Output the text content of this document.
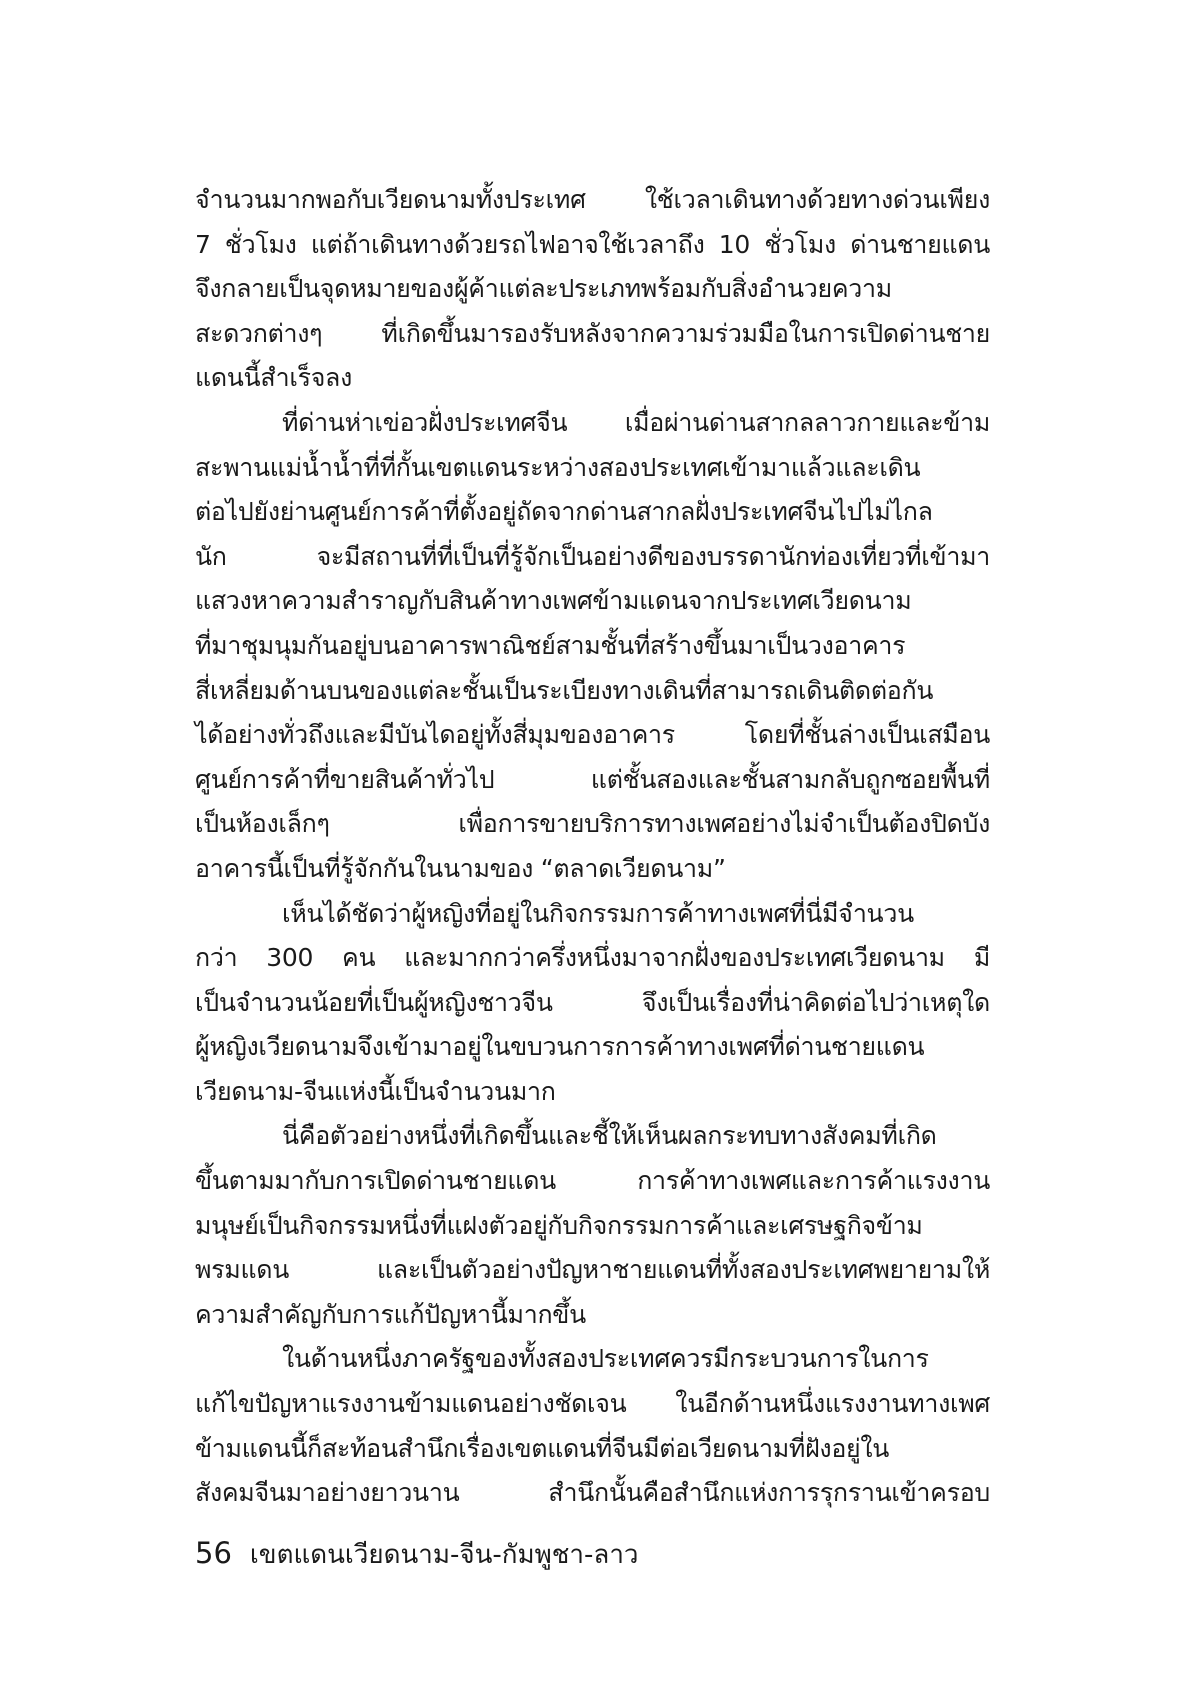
จำนวนมากพอกับเวียดนามทั้งประเทศ ใช้เวลาเดินทางด้วยทางด่วนเพียง
7 ชั่วโมง แต่ถ้าเดินทางด้วยรถไฟอาจใช้เวลาถึง 10 ชั่วโมง ด่านชายแดน
จึงกลายเป็นจุดหมายของผู้ค้าแต่ละประเภทพร้อมกับสิ่งอำนวยความ
สะดวกต่างๆ ที่เกิดขึ้นมารองรับหลังจากความร่วมมือในการเปิดด่านชาย
แดนนี้สำเร็จลง
ที่ด่านห่าเข่อวฝั่งประเทศจีน เมื่อผ่านด่านสากลลาวกายและข้าม
สะพานแม่น้ำน้ำที่ที่กั้นเขตแดนระหว่างสองประเทศเข้ามาแล้วและเดิน
ต่อไปยังย่านศูนย์การค้าที่ตั้งอยู่ถัดจากด่านสากลฝั่งประเทศจีนไปไม่ไกล
นัก จะมีสถานที่ที่เป็นที่รู้จักเป็นอย่างดีของบรรดานักท่องเที่ยวที่เข้ามา
แสวงหาความสำราญกับสินค้าทางเพศข้ามแดนจากประเทศเวียดนาม
ที่มาชุมนุมกันอยู่บนอาคารพาณิชย์สามชั้นที่สร้างขึ้นมาเป็นวงอาคาร
สี่เหลี่ยมด้านบนของแต่ละชั้นเป็นระเบียงทางเดินที่สามารถเดินติดต่อกัน
ได้อย่างทั่วถึงและมีบันไดอยู่ทั้งสี่มุมของอาคาร โดยที่ชั้นล่างเป็นเสมือน
ศูนย์การค้าที่ขายสินค้าทั่วไป แต่ชั้นสองและชั้นสามกลับถูกซอยพื้นที่
เป็นห้องเล็กๆ เพื่อการขายบริการทางเพศอย่างไม่จำเป็นต้องปิดบัง
อาคารนี้เป็นที่รู้จักกันในนามของ “ตลาดเวียดนาม”
เห็นได้ชัดว่าผู้หญิงที่อยู่ในกิจกรรมการค้าทางเพศที่นี่มีจำนวน
กว่า 300 คน และมากกว่าครึ่งหนึ่งมาจากฝั่งของประเทศเวียดนาม มี
เป็นจำนวนน้อยที่เป็นผู้หญิงชาวจีน จึงเป็นเรื่องที่น่าคิดต่อไปว่าเหตุใด
ผู้หญิงเวียดนามจึงเข้ามาอยู่ในขบวนการการค้าทางเพศที่ด่านชายแดน
เวียดนาม-จีนแห่งนี้เป็นจำนวนมาก
นี่คือตัวอย่างหนึ่งที่เกิดขึ้นและชี้ให้เห็นผลกระทบทางสังคมที่เกิด
ขึ้นตามมากับการเปิดด่านชายแดน การค้าทางเพศและการค้าแรงงาน
มนุษย์เป็นกิจกรรมหนึ่งที่แฝงตัวอยู่กับกิจกรรมการค้าและเศรษฐกิจข้าม
พรมแดน และเป็นตัวอย่างปัญหาชายแดนที่ทั้งสองประเทศพยายามให้
ความสำคัญกับการแก้ปัญหานี้มากขึ้น
ในด้านหนึ่งภาครัฐของทั้งสองประเทศควรมีกระบวนการในการ
แก้ไขปัญหาแรงงานข้ามแดนอย่างชัดเจน ในอีกด้านหนึ่งแรงงานทางเพศ
ข้ามแดนนี้ก็สะท้อนสำนึกเรื่องเขตแดนที่จีนมีต่อเวียดนามที่ฝังอยู่ใน
สังคมจีนมาอย่างยาวนาน สำนึกนั้นคือสำนึกแห่งการรุกรานเข้าครอบ
56 เขตแดนเวียดนาม-จีน-กัมพูชา-ลาว
